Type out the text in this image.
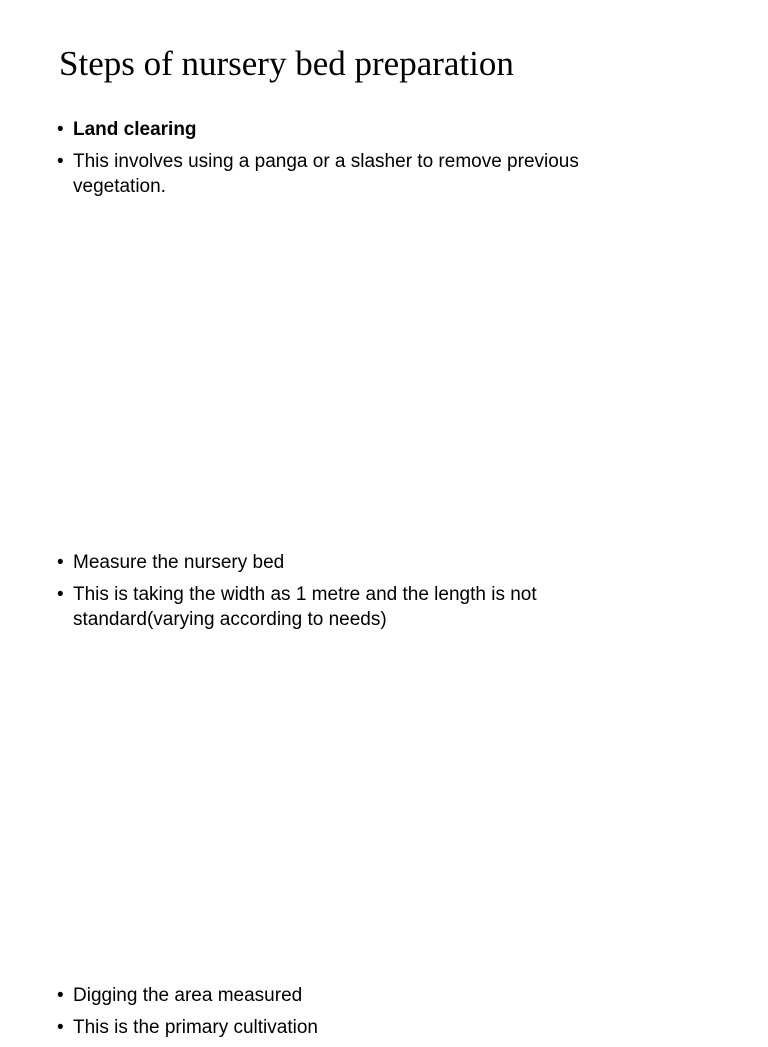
Steps of nursery bed preparation
• Land clearing
• This involves using a panga or a slasher to remove previous vegetation.
• Measure the nursery bed
• This is taking the width as 1 metre and the length is not standard(varying according to needs)
• Digging the area measured
• This is the primary cultivation
